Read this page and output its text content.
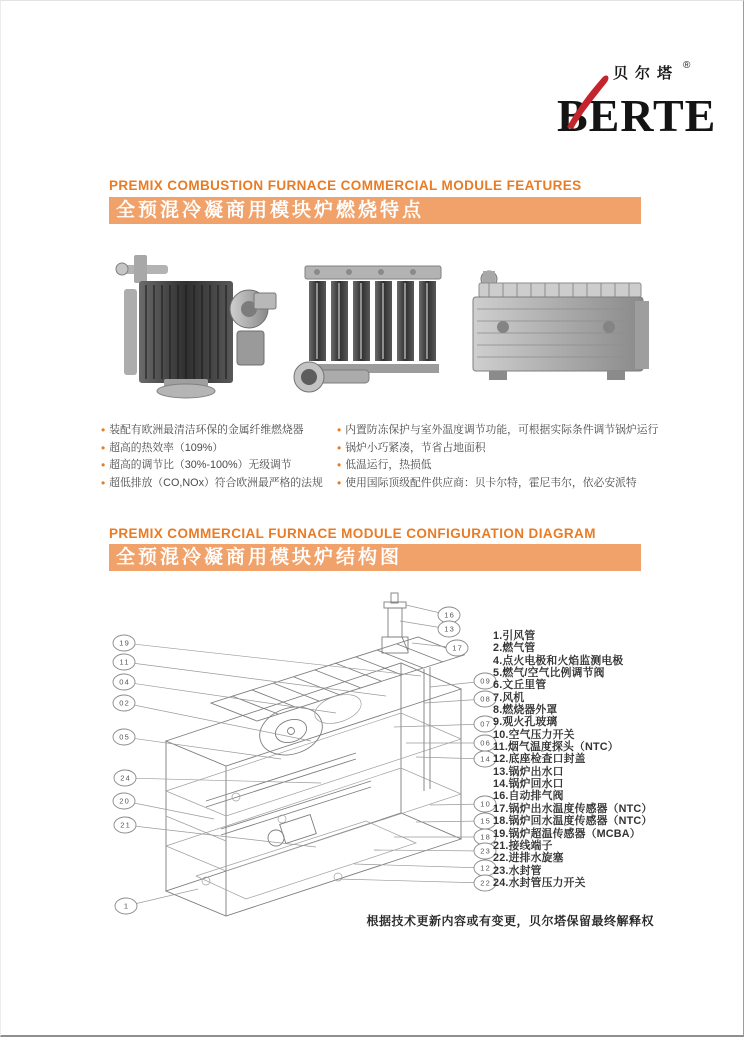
贝尔塔 ®
BERTE
PREMIX COMBUSTION FURNACE COMMERCIAL MODULE FEATURES
全预混冷凝商用模块炉燃烧特点
• 装配有欧洲最清洁环保的金属纤维燃烧器
• 超高的热效率（109%）
• 超高的调节比（30%-100%）无级调节
• 超低排放（CO,NOx）符合欧洲最严格的法规
• 内置防冻保护与室外温度调节功能，可根据实际条件调节锅炉运行
• 锅炉小巧紧凑，节省占地面积
• 低温运行，热损低
• 使用国际顶级配件供应商：贝卡尔特，霍尼韦尔，依必安派特
PREMIX COMMERCIAL FURNACE MODULE CONFIGURATION DIAGRAM
全预混冷凝商用模块炉结构图
19
11
04
02
05
24
20
21
1
16
13
17
09
08
07
06
14
10
15
18
23
12
22
1.引风管
2.燃气管
4.点火电极和火焰监测电极
5.燃气/空气比例调节阀
6.文丘里管
7.风机
8.燃烧器外罩
9.观火孔玻璃
10.空气压力开关
11.烟气温度探头（NTC）
12.底座检查口封盖
13.锅炉出水口
14.锅炉回水口
16.自动排气阀
17.锅炉出水温度传感器（NTC）
18.锅炉回水温度传感器（NTC）
19.锅炉超温传感器（MCBA）
21.接线端子
22.进排水旋塞
23.水封管
24.水封管压力开关
根据技术更新内容或有变更，贝尔塔保留最终解释权
